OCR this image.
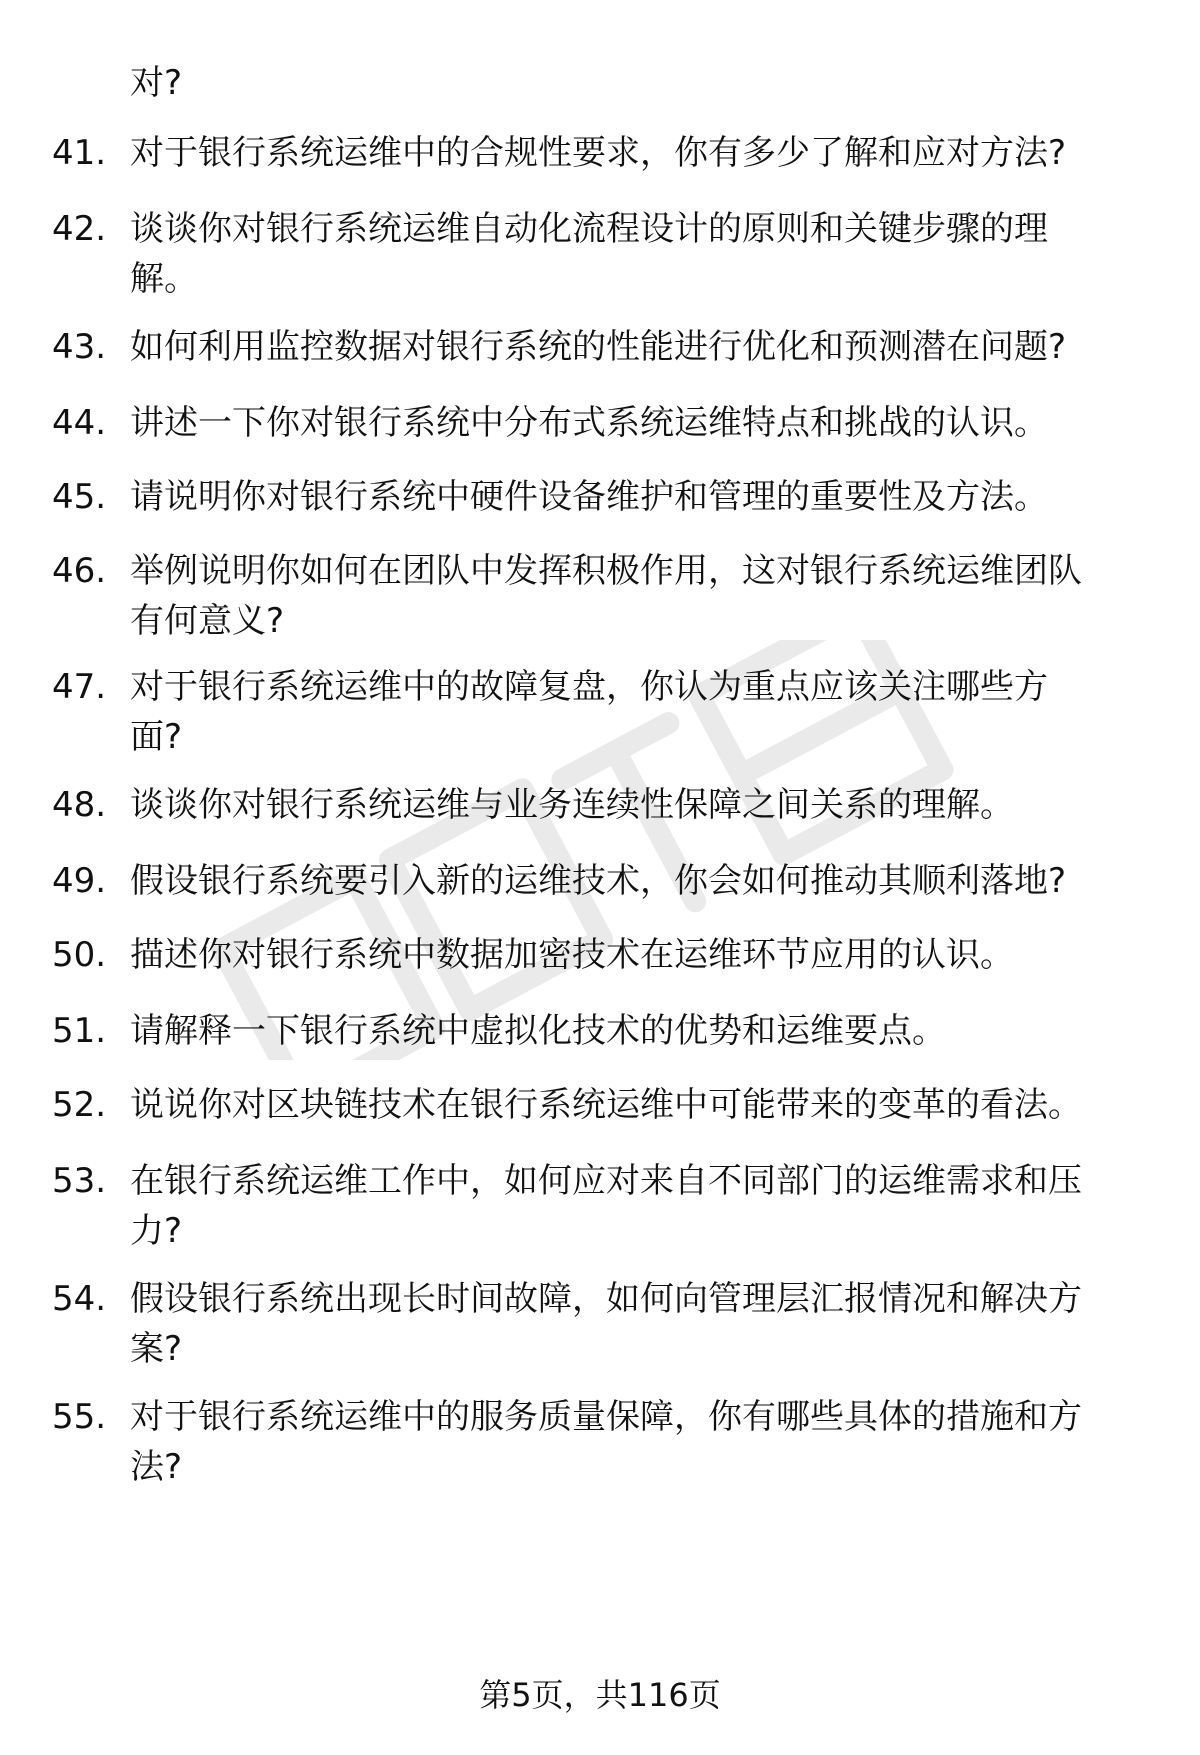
对?
41. 对于银行系统运维中的合规性要求，你有多少了解和应对方法?
42. 谈谈你对银行系统运维自动化流程设计的原则和关键步骤的理
解。
43. 如何利用监控数据对银行系统的性能进行优化和预测潜在问题?
44. 讲述一下你对银行系统中分布式系统运维特点和挑战的认识。
45. 请说明你对银行系统中硬件设备维护和管理的重要性及方法。
46. 举例说明你如何在团队中发挥积极作用，这对银行系统运维团队
有何意义?
47. 对于银行系统运维中的故障复盘，你认为重点应该关注哪些方
面?
48. 谈谈你对银行系统运维与业务连续性保障之间关系的理解。
49. 假设银行系统要引入新的运维技术，你会如何推动其顺利落地?
50. 描述你对银行系统中数据加密技术在运维环节应用的认识。
51. 请解释一下银行系统中虚拟化技术的优势和运维要点。
52. 说说你对区块链技术在银行系统运维中可能带来的变革的看法。
53. 在银行系统运维工作中，如何应对来自不同部门的运维需求和压
力?
54. 假设银行系统出现长时间故障，如何向管理层汇报情况和解决方
案?
55. 对于银行系统运维中的服务质量保障，你有哪些具体的措施和方
法?
第5页，共116页
